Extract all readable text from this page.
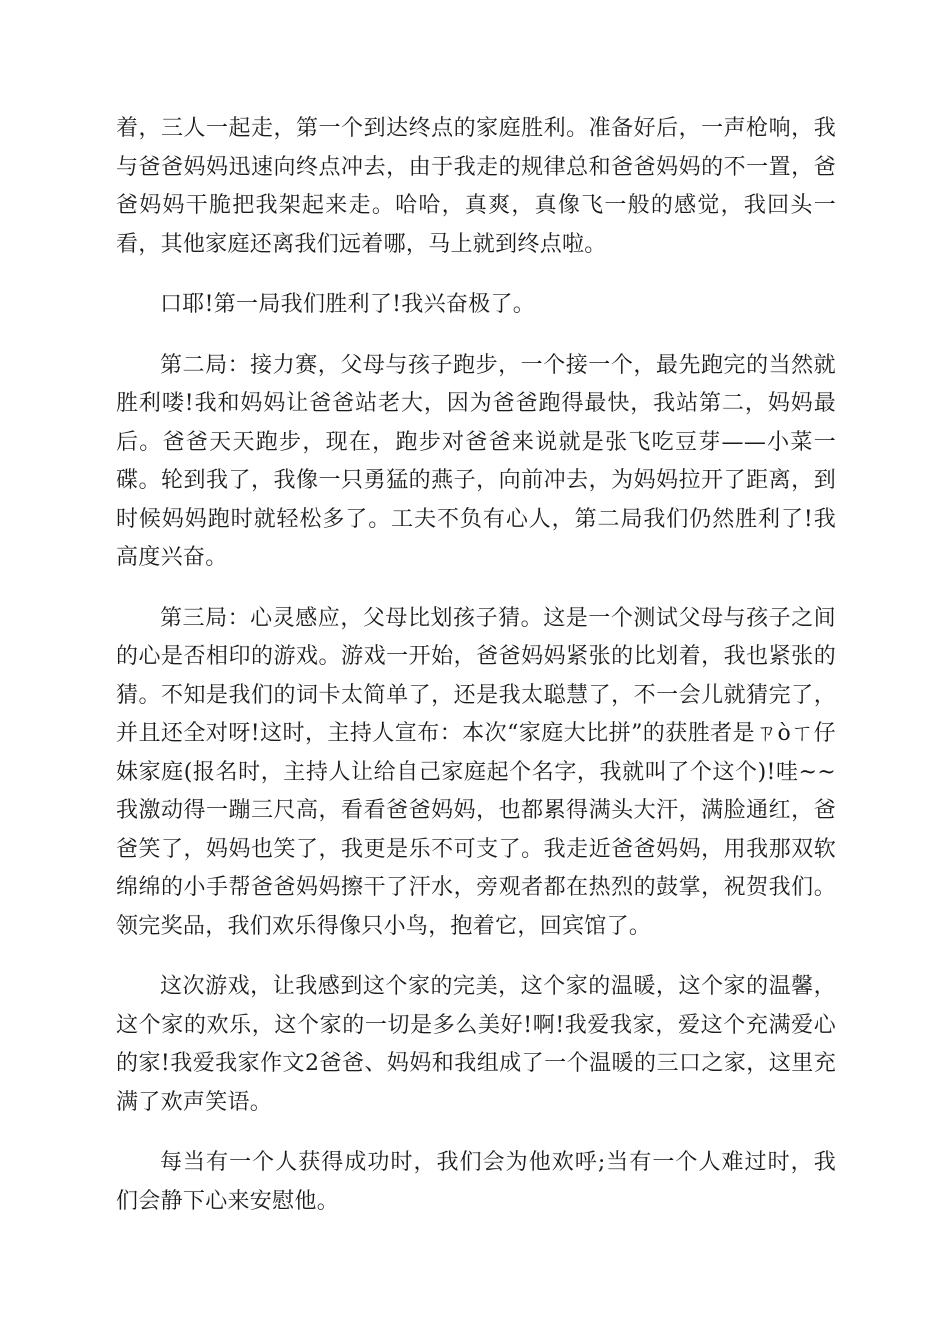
着，三人一起走，第一个到达终点的家庭胜利。准备好后，一声枪响，我与爸爸妈妈迅速向终点冲去，由于我走的规律总和爸爸妈妈的不一置，爸爸妈妈干脆把我架起来走。哈哈，真爽，真像飞一般的感觉，我回头一看，其他家庭还离我们远着哪，马上就到终点啦。

口耶!第一局我们胜利了!我兴奋极了。

第二局：接力赛，父母与孩子跑步，一个接一个，最先跑完的当然就胜利喽!我和妈妈让爸爸站老大，因为爸爸跑得最快，我站第二，妈妈最后。爸爸天天跑步，现在，跑步对爸爸来说就是张飞吃豆芽——小菜一碟。轮到我了，我像一只勇猛的燕子，向前冲去，为妈妈拉开了距离，到时候妈妈跑时就轻松多了。工夫不负有心人，第二局我们仍然胜利了!我高度兴奋。

第三局：心灵感应，父母比划孩子猜。这是一个测试父母与孩子之间的心是否相印的游戏。游戏一开始，爸爸妈妈紧张的比划着，我也紧张的猜。不知是我们的词卡太简单了，还是我太聪慧了，不一会儿就猜完了，并且还全对呀!这时，主持人宣布：本次“家庭大比拼”的获胜者是ㄗòㄒ仔妹家庭(报名时，主持人让给自己家庭起个名字，我就叫了个这个)!哇~~我激动得一蹦三尺高，看看爸爸妈妈，也都累得满头大汗，满脸通红，爸爸笑了，妈妈也笑了，我更是乐不可支了。我走近爸爸妈妈，用我那双软绵绵的小手帮爸爸妈妈擦干了汗水，旁观者都在热烈的鼓掌，祝贺我们。领完奖品，我们欢乐得像只小鸟，抱着它，回宾馆了。

这次游戏，让我感到这个家的完美，这个家的温暖，这个家的温馨，这个家的欢乐，这个家的一切是多么美好!啊!我爱我家，爱这个充满爱心的家!我爱我家作文2爸爸、妈妈和我组成了一个温暖的三口之家，这里充满了欢声笑语。

每当有一个人获得成功时，我们会为他欢呼;当有一个人难过时，我们会静下心来安慰他。
